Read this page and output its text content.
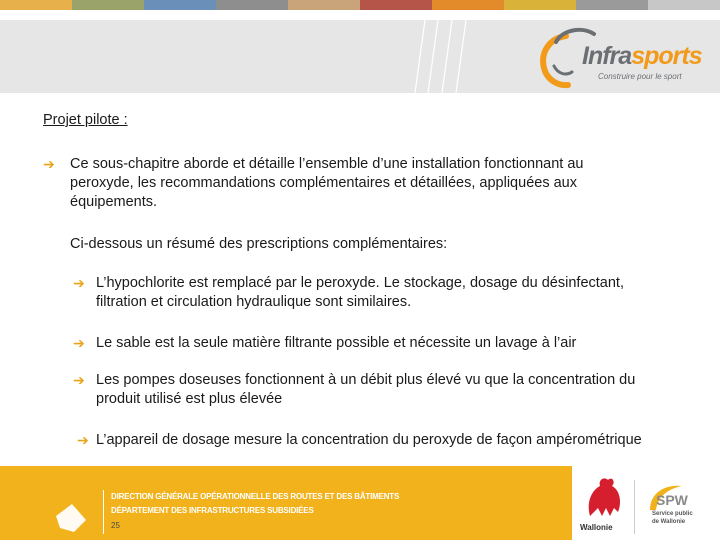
Infrasports
Construire pour le sport
Projet pilote :
➔ Ce sous-chapitre aborde et détaille l’ensemble d’une installation fonctionnant au
peroxyde, les recommandations complémentaires et détaillées, appliquées aux
équipements.
Ci-dessous un résumé des prescriptions complémentaires:
➔ L’hypochlorite est remplacé par le peroxyde. Le stockage, dosage du désinfectant,
filtration et circulation hydraulique sont similaires.
➔ Le sable est la seule matière filtrante possible et nécessite un lavage à l’air
➔ Les pompes doseuses fonctionnent à un débit plus élevé vu que la concentration du
produit utilisé est plus élevée
➔ L’appareil de dosage mesure la concentration du peroxyde de façon ampérométrique
DGO 1
DIRECTION GÉNÉRALE OPÉRATIONNELLE DES ROUTES ET DES BÂTIMENTS
DÉPARTEMENT DES INFRASTRUCTURES SUBSIDIÉES
25	Wallonie
SPW
Service public
de Wallonie
